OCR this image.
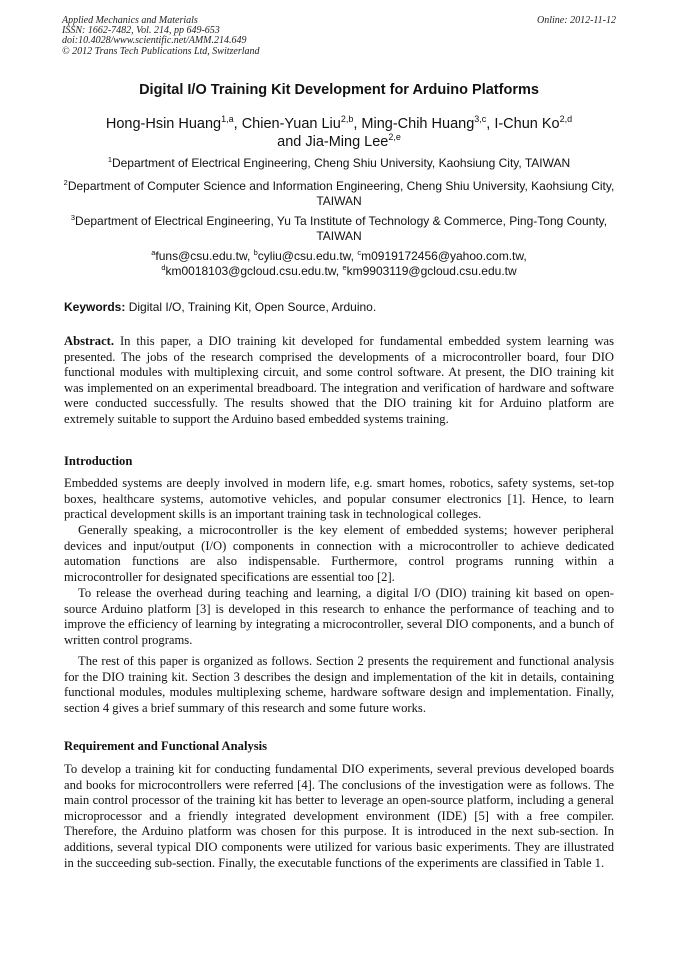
Applied Mechanics and Materials
ISSN: 1662-7482, Vol. 214, pp 649-653
doi:10.4028/www.scientific.net/AMM.214.649
© 2012 Trans Tech Publications Ltd, Switzerland
Online: 2012-11-12
Digital I/O Training Kit Development for Arduino Platforms
Hong-Hsin Huang$^{1,a}$, Chien-Yuan Liu$^{2,b}$, Ming-Chih Huang$^{3,c}$, I-Chun Ko$^{2,d}$
and Jia-Ming Lee$^{2,e}$
$^1$Department of Electrical Engineering, Cheng Shiu University, Kaohsiung City, TAIWAN
$^2$Department of Computer Science and Information Engineering, Cheng Shiu University, Kaohsiung City, TAIWAN
$^3$Department of Electrical Engineering, Yu Ta Institute of Technology & Commerce, Ping-Tong County, TAIWAN
$^a$funs@csu.edu.tw, $^b$cyliu@csu.edu.tw, $^c$m0919172456@yahoo.com.tw,
$^d$km0018103@gcloud.csu.edu.tw, $^e$km9903119@gcloud.csu.edu.tw
Keywords: Digital I/O, Training Kit, Open Source, Arduino.
Abstract. In this paper, a DIO training kit developed for fundamental embedded system learning was presented. The jobs of the research comprised the developments of a microcontroller board, four DIO functional modules with multiplexing circuit, and some control software. At present, the DIO training kit was implemented on an experimental breadboard. The integration and verification of hardware and software were conducted successfully. The results showed that the DIO training kit for Arduino platform are extremely suitable to support the Arduino based embedded systems training.
Introduction
Embedded systems are deeply involved in modern life, e.g. smart homes, robotics, safety systems, set-top boxes, healthcare systems, automotive vehicles, and popular consumer electronics [1]. Hence, to learn practical development skills is an important training task in technological colleges.
Generally speaking, a microcontroller is the key element of embedded systems; however peripheral devices and input/output (I/O) components in connection with a microcontroller to achieve dedicated automation functions are also indispensable. Furthermore, control programs running within a microcontroller for designated specifications are essential too [2].
To release the overhead during teaching and learning, a digital I/O (DIO) training kit based on open-source Arduino platform [3] is developed in this research to enhance the performance of teaching and to improve the efficiency of learning by integrating a microcontroller, several DIO components, and a bunch of written control programs.
The rest of this paper is organized as follows. Section 2 presents the requirement and functional analysis for the DIO training kit. Section 3 describes the design and implementation of the kit in details, containing functional modules, modules multiplexing scheme, hardware software design and implementation. Finally, section 4 gives a brief summary of this research and some future works.
Requirement and Functional Analysis
To develop a training kit for conducting fundamental DIO experiments, several previous developed boards and books for microcontrollers were referred [4]. The conclusions of the investigation were as follows. The main control processor of the training kit has better to leverage an open-source platform, including a general microprocessor and a friendly integrated development environment (IDE) [5] with a free compiler. Therefore, the Arduino platform was chosen for this purpose. It is introduced in the next sub-section. In additions, several typical DIO components were utilized for various basic experiments. They are illustrated in the succeeding sub-section. Finally, the executable functions of the experiments are classified in Table 1.
